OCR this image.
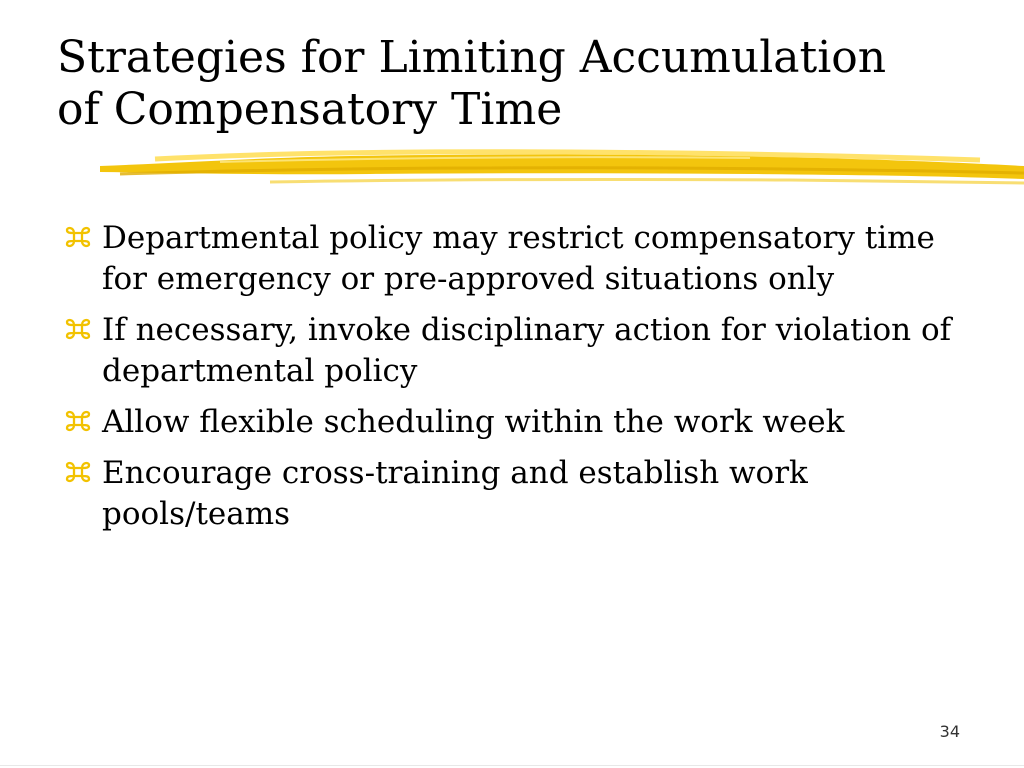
Strategies for Limiting Accumulation
of Compensatory Time
Departmental policy may restrict compensatory time for emergency or pre-approved situations only
If necessary, invoke disciplinary action for violation of departmental policy
Allow flexible scheduling within the work week
Encourage cross-training and establish work pools/teams
34
